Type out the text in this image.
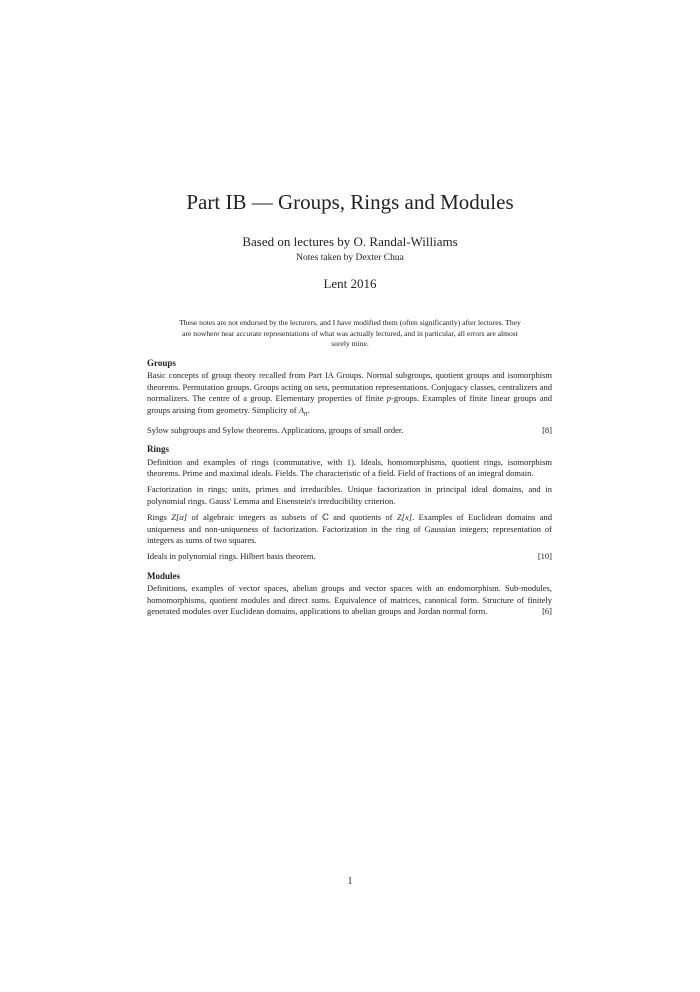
Part IB — Groups, Rings and Modules
Based on lectures by O. Randal-Williams
Notes taken by Dexter Chua
Lent 2016
These notes are not endorsed by the lecturers, and I have modified them (often significantly) after lectures. They are nowhere near accurate representations of what was actually lectured, and in particular, all errors are almost surely mine.
Groups

Basic concepts of group theory recalled from Part IA Groups. Normal subgroups, quotient groups and isomorphism theorems. Permutation groups. Groups acting on sets, permutation representations. Conjugacy classes, centralizers and normalizers. The centre of a group. Elementary properties of finite p-groups. Examples of finite linear groups and groups arising from geometry. Simplicity of $A_n$.

[8]
Sylow subgroups and Sylow theorems. Applications, groups of small order.

Rings

Definition and examples of rings (commutative, with 1). Ideals, homomorphisms, quotient rings, isomorphism theorems. Prime and maximal ideals. Fields. The characteristic of a field. Field of fractions of an integral domain.

Factorization in rings; units, primes and irreducibles. Unique factorization in principal ideal domains, and in polynomial rings. Gauss' Lemma and Eisenstein's irreducibility criterion.

Rings Z[α] of algebraic integers as subsets of ℂ and quotients of Z[x]. Examples of Euclidean domains and uniqueness and non-uniqueness of factorization. Factorization in the ring of Gaussian integers; representation of integers as sums of two squares.

[10]
Ideals in polynomial rings. Hilbert basis theorem.

Modules

Definitions, examples of vector spaces, abelian groups and vector spaces with an endomorphism. Sub-modules, homomorphisms, quotient modules and direct sums. Equivalence of matrices, canonical form. Structure of finitely generated modules over Euclidean domains, applications to abelian groups and Jordan normal form.	[6]

1
